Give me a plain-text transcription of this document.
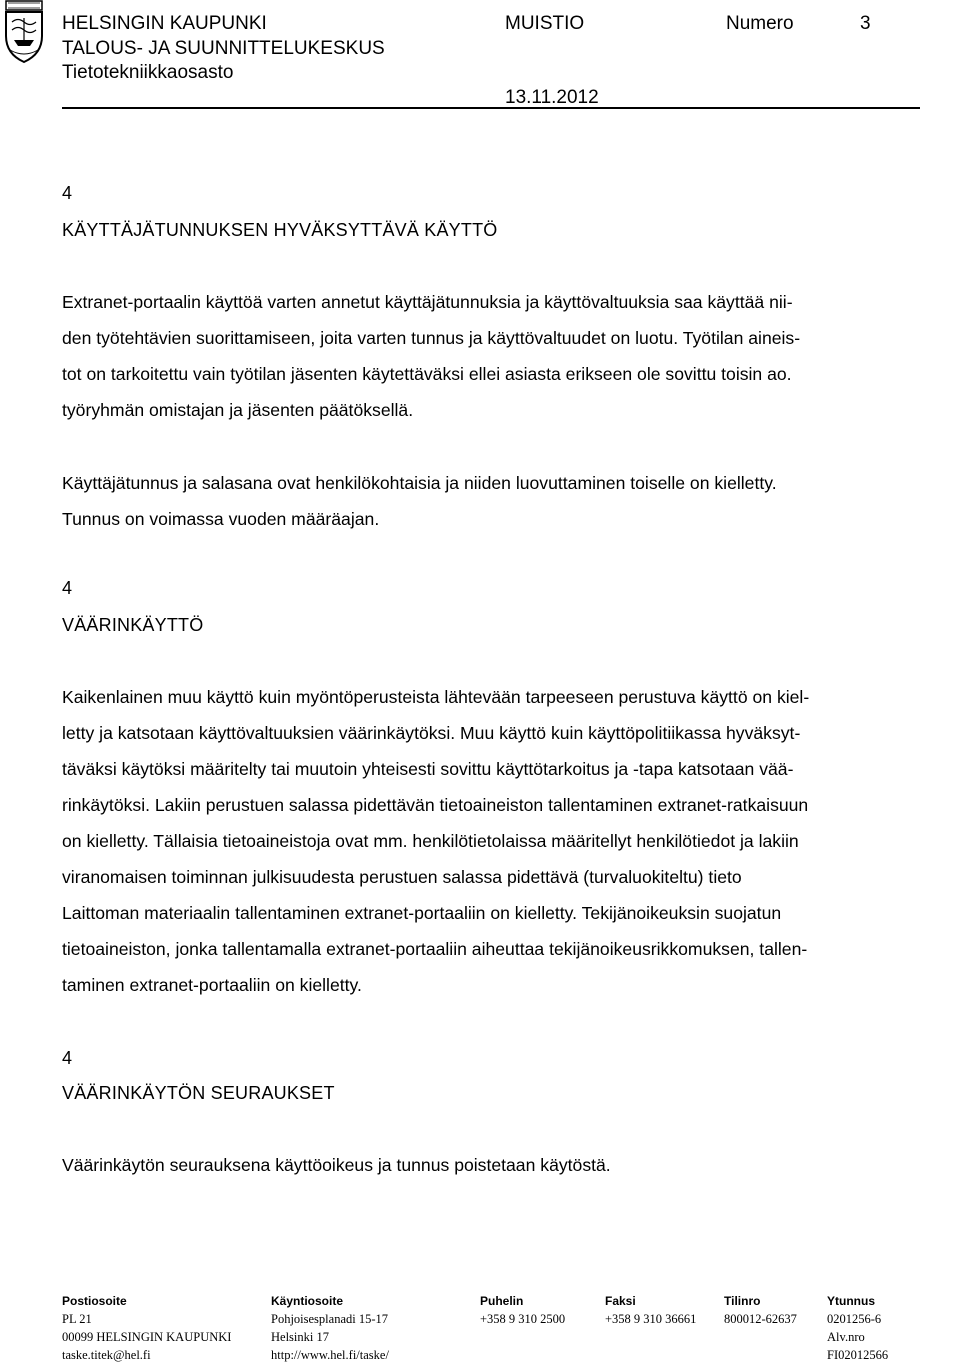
HELSINGIN KAUPUNKI
TALOUS- JA SUUNNITTELUKESKUS
Tietotekniikkaosasto
MUISTIO	Numero	3
13.11.2012
4
KÄYTTÄJÄTUNNUKSEN HYVÄKSYTTÄVÄ KÄYTTÖ

Extranet-portaalin käyttöä varten annetut käyttäjätunnuksia ja käyttövaltuuksia saa käyttää nii-
den työtehtävien suorittamiseen, joita varten tunnus ja käyttövaltuudet on luotu. Työtilan aineis-
tot on tarkoitettu vain työtilan jäsenten käytettäväksi ellei asiasta erikseen ole sovittu toisin ao.
työryhmän omistajan ja jäsenten päätöksellä.

Käyttäjätunnus ja salasana ovat henkilökohtaisia ja niiden luovuttaminen toiselle on kielletty.
Tunnus on voimassa vuoden määräajan.

4
VÄÄRINKÄYTTÖ

Kaikenlainen muu käyttö kuin myöntöperusteista lähtevään tarpeeseen perustuva käyttö on kiel-
letty ja katsotaan käyttövaltuuksien väärinkäytöksi. Muu käyttö kuin käyttöpolitiikassa hyväksyt-
täväksi käytöksi määritelty tai muutoin yhteisesti sovittu käyttötarkoitus ja -tapa katsotaan vää-
rinkäytöksi. Lakiin perustuen salassa pidettävän tietoaineiston tallentaminen extranet-ratkaisuun
on kielletty. Tällaisia tietoaineistoja ovat mm. henkilötietolaissa määritellyt henkilötiedot ja lakiin
viranomaisen toiminnan julkisuudesta perustuen salassa pidettävä (turvaluokiteltu) tieto
Laittoman materiaalin tallentaminen extranet-portaaliin on kielletty. Tekijänoikeuksin suojatun
tietoaineiston, jonka tallentamalla extranet-portaaliin aiheuttaa tekijänoikeusrikkomuksen, tallen-
taminen extranet-portaaliin on kielletty.

4
VÄÄRINKÄYTÖN SEURAUKSET

Väärinkäytön seurauksena käyttöoikeus ja tunnus poistetaan käytöstä.

Postiosoite
PL 21
00099 HELSINGIN KAUPUNKI
taske.titek@hel.fi
Käyntiosoite
Pohjoisesplanadi 15-17
Helsinki 17
http://www.hel.fi/taske/
Puhelin
+358 9 310 2500
Faksi
+358 9 310 36661
Tilinro
800012-62637
Ytunnus
0201256-6
Alv.nro
FI02012566
